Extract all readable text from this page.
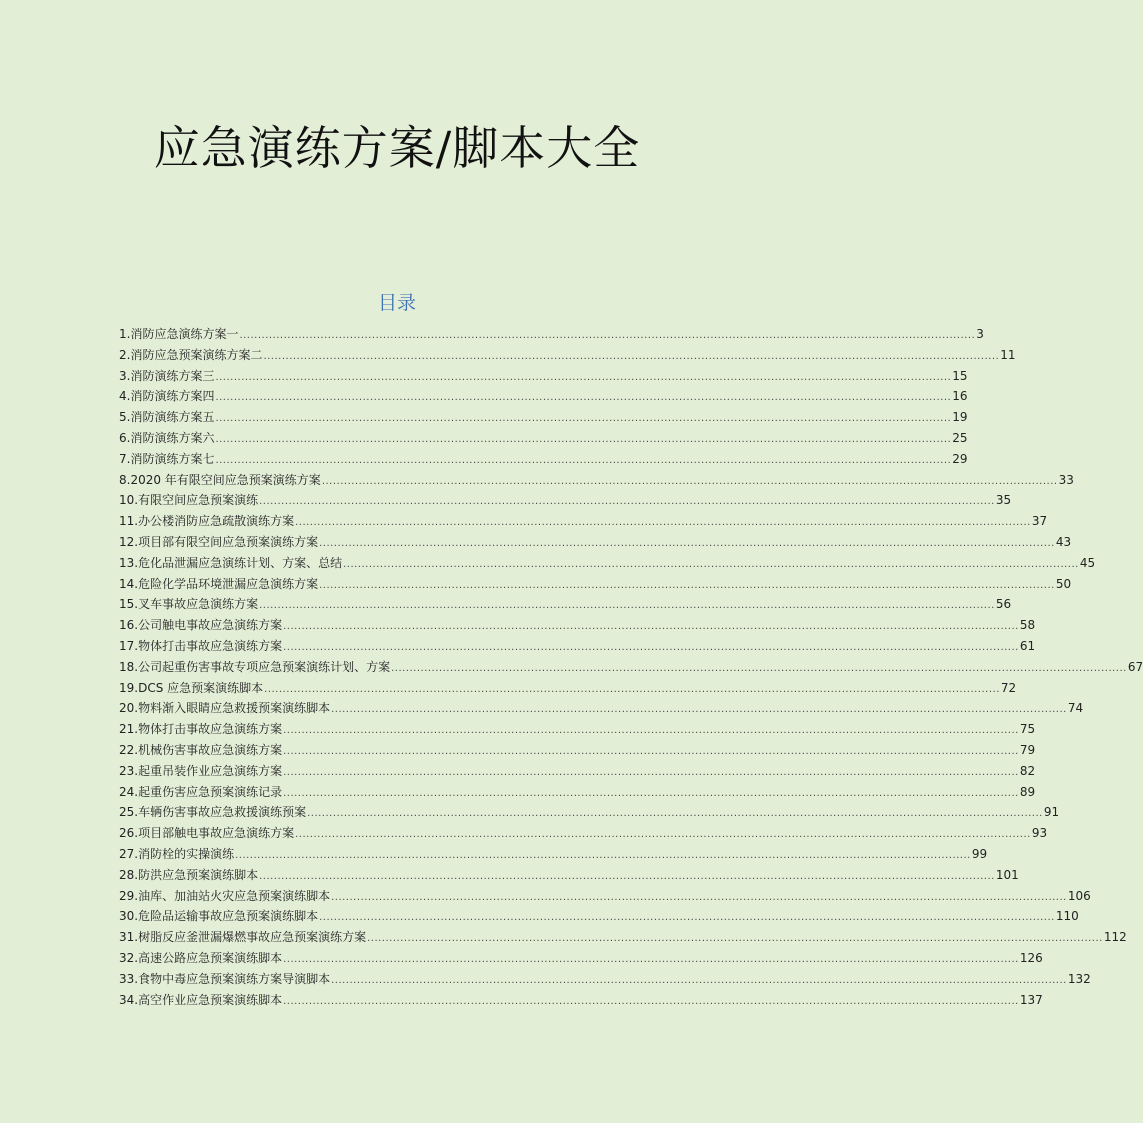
应急演练方案/脚本大全
目录
1.消防应急演练方案一 ........................................................................................................................................................................................................ 3
2.消防应急预案演练方案二 ........................................................................................................................................................................................................ 11
3.消防演练方案三 ........................................................................................................................................................................................................ 15
4.消防演练方案四 ........................................................................................................................................................................................................ 16
5.消防演练方案五 ........................................................................................................................................................................................................ 19
6.消防演练方案六 ........................................................................................................................................................................................................ 25
7.消防演练方案七 ........................................................................................................................................................................................................ 29
8.2020 年有限空间应急预案演练方案 ........................................................................................................................................................................................................ 33
10.有限空间应急预案演练 ........................................................................................................................................................................................................ 35
11.办公楼消防应急疏散演练方案 ........................................................................................................................................................................................................ 37
12.项目部有限空间应急预案演练方案 ........................................................................................................................................................................................................ 43
13.危化品泄漏应急演练计划、方案、总结 ........................................................................................................................................................................................................ 45
14.危险化学品环境泄漏应急演练方案 ........................................................................................................................................................................................................ 50
15.叉车事故应急演练方案 ........................................................................................................................................................................................................ 56
16.公司触电事故应急演练方案 ........................................................................................................................................................................................................ 58
17.物体打击事故应急演练方案 ........................................................................................................................................................................................................ 61
18.公司起重伤害事故专项应急预案演练计划、方案 ........................................................................................................................................................................................................ 67
19.DCS 应急预案演练脚本 ........................................................................................................................................................................................................ 72
20.物料渐入眼睛应急救援预案演练脚本 ........................................................................................................................................................................................................ 74
21.物体打击事故应急演练方案 ........................................................................................................................................................................................................ 75
22.机械伤害事故应急演练方案 ........................................................................................................................................................................................................ 79
23.起重吊装作业应急演练方案 ........................................................................................................................................................................................................ 82
24.起重伤害应急预案演练记录 ........................................................................................................................................................................................................ 89
25.车辆伤害事故应急救援演练预案 ........................................................................................................................................................................................................ 91
26.项目部触电事故应急演练方案 ........................................................................................................................................................................................................ 93
27.消防栓的实操演练 ........................................................................................................................................................................................................ 99
28.防洪应急预案演练脚本 ........................................................................................................................................................................................................ 101
29.油库、加油站火灾应急预案演练脚本 ........................................................................................................................................................................................................ 106
30.危险品运输事故应急预案演练脚本 ........................................................................................................................................................................................................ 110
31.树脂反应釜泄漏爆燃事故应急预案演练方案 ........................................................................................................................................................................................................ 112
32.高速公路应急预案演练脚本 ........................................................................................................................................................................................................ 126
33.食物中毒应急预案演练方案导演脚本 ........................................................................................................................................................................................................ 132
34.高空作业应急预案演练脚本 ........................................................................................................................................................................................................ 137
